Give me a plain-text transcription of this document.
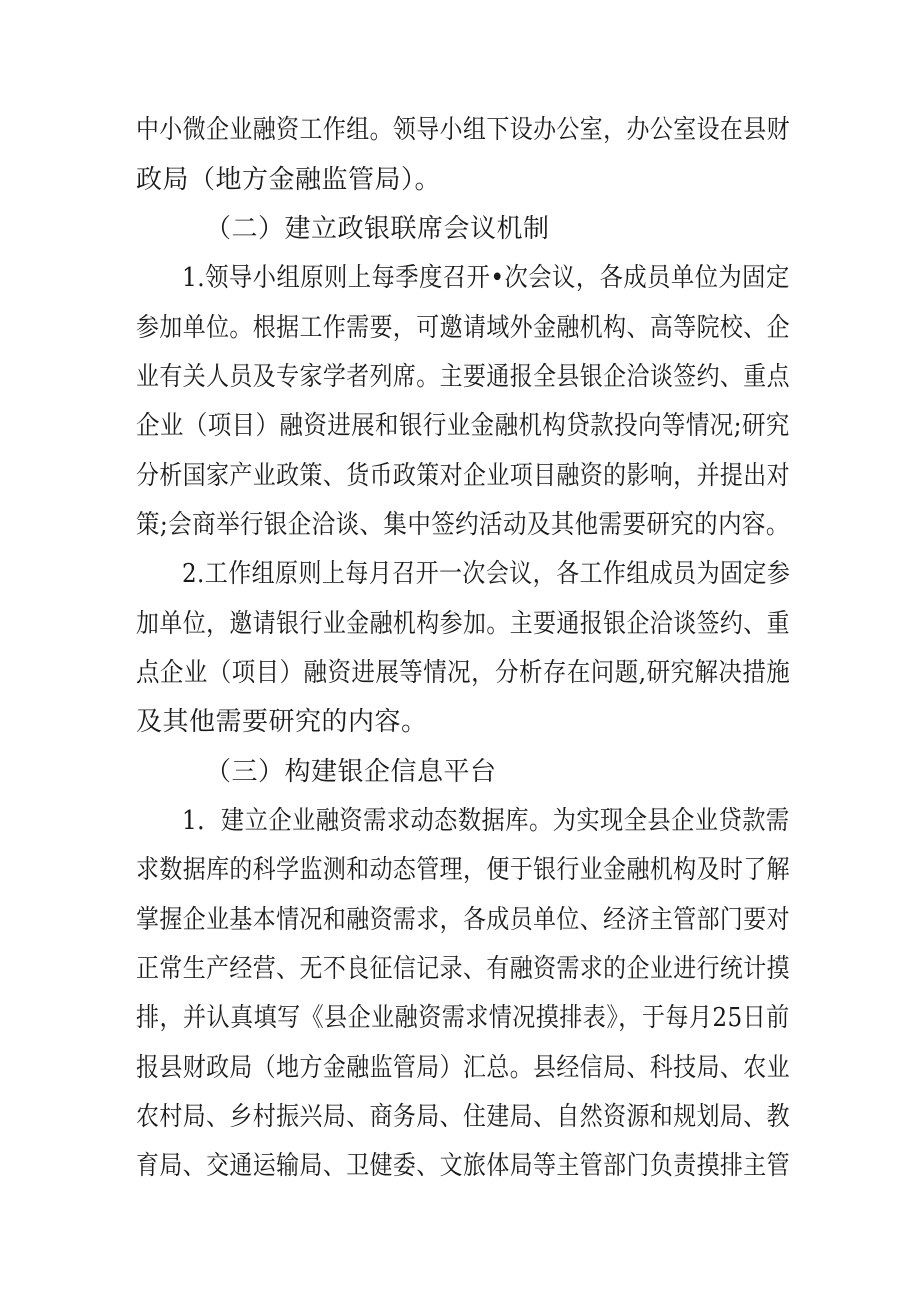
中小微企业融资工作组。领导小组下设办公室，办公室设在县财
政局（地方金融监管局）。
（二）建立政银联席会议机制
1.领导小组原则上每季度召开•次会议，各成员单位为固定
参加单位。根据工作需要，可邀请域外金融机构、高等院校、企
业有关人员及专家学者列席。主要通报全县银企洽谈签约、重点
企业（项目）融资进展和银行业金融机构贷款投向等情况;研究
分析国家产业政策、货币政策对企业项目融资的影响，并提出对
策;会商举行银企洽谈、集中签约活动及其他需要研究的内容。
2.工作组原则上每月召开一次会议，各工作组成员为固定参
加单位，邀请银行业金融机构参加。主要通报银企洽谈签约、重
点企业（项目）融资进展等情况，分析存在问题,研究解决措施
及其他需要研究的内容。
（三）构建银企信息平台
1．建立企业融资需求动态数据库。为实现全县企业贷款需
求数据库的科学监测和动态管理，便于银行业金融机构及时了解
掌握企业基本情况和融资需求，各成员单位、经济主管部门要对
正常生产经营、无不良征信记录、有融资需求的企业进行统计摸
排，并认真填写《县企业融资需求情况摸排表》，于每月25日前
报县财政局（地方金融监管局）汇总。县经信局、科技局、农业
农村局、乡村振兴局、商务局、住建局、自然资源和规划局、教
育局、交通运输局、卫健委、文旅体局等主管部门负责摸排主管
